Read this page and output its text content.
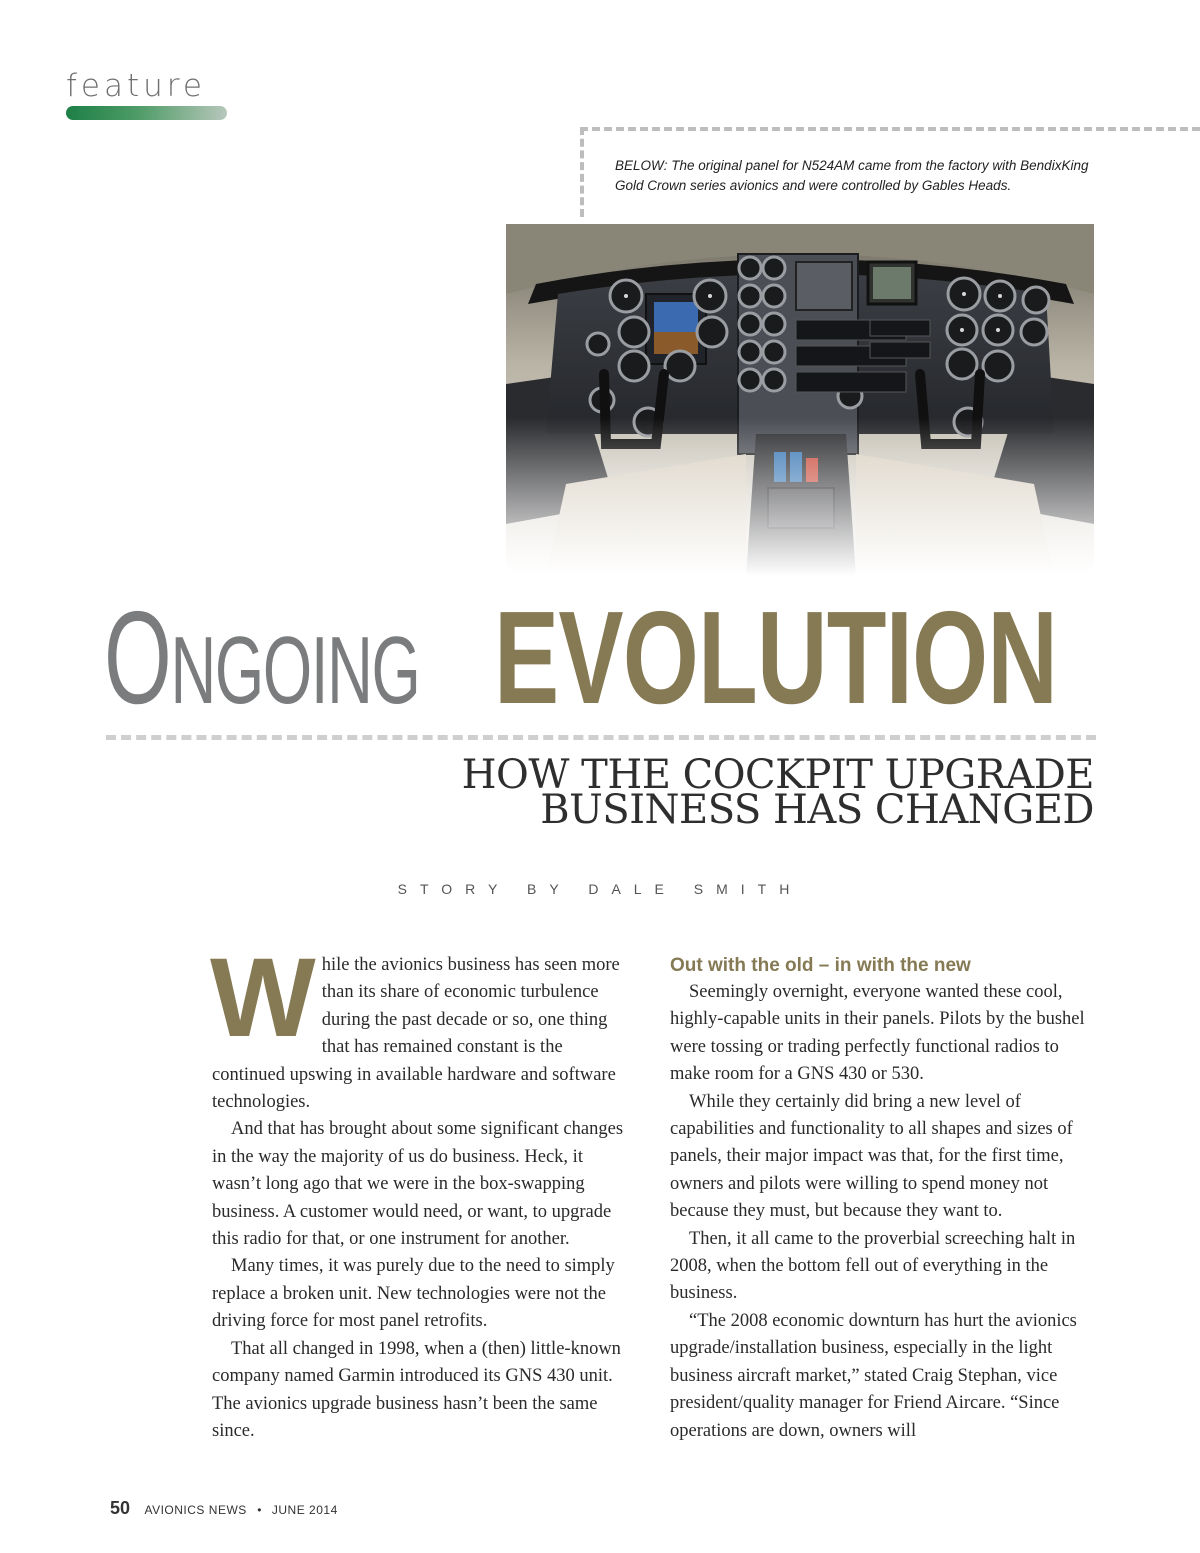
feature
BELOW: The original panel for N524AM came from the factory with BendixKing Gold Crown series avionics and were controlled by Gables Heads.
ONGOING EVOLUTION
HOW THE COCKPIT UPGRADE
BUSINESS HAS CHANGED
STORY BY DALE SMITH

While the avionics business has seen more than its share of economic turbulence during the past decade or so, one thing that has remained constant is the continued upswing in available hardware and software technologies.

And that has brought about some significant changes in the way the majority of us do business. Heck, it wasn’t long ago that we were in the box-swapping business. A customer would need, or want, to upgrade this radio for that, or one instrument for another.

Many times, it was purely due to the need to simply replace a broken unit. New technologies were not the driving force for most panel retrofits.

That all changed in 1998, when a (then) little-known company named Garmin introduced its GNS 430 unit. The avionics upgrade business hasn’t been the same since.

Out with the old – in with the new

Seemingly overnight, everyone wanted these cool, highly-capable units in their panels. Pilots by the bushel were tossing or trading perfectly functional radios to make room for a GNS 430 or 530.

While they certainly did bring a new level of capabilities and functionality to all shapes and sizes of panels, their major impact was that, for the first time, owners and pilots were willing to spend money not because they must, but because they want to.

Then, it all came to the proverbial screeching halt in 2008, when the bottom fell out of everything in the business.

“The 2008 economic downturn has hurt the avionics upgrade/installation business, especially in the light business aircraft market,” stated Craig Stephan, vice president/quality manager for Friend Aircare. “Since operations are down, owners will

50 AVIONICS NEWS • JUNE 2014
